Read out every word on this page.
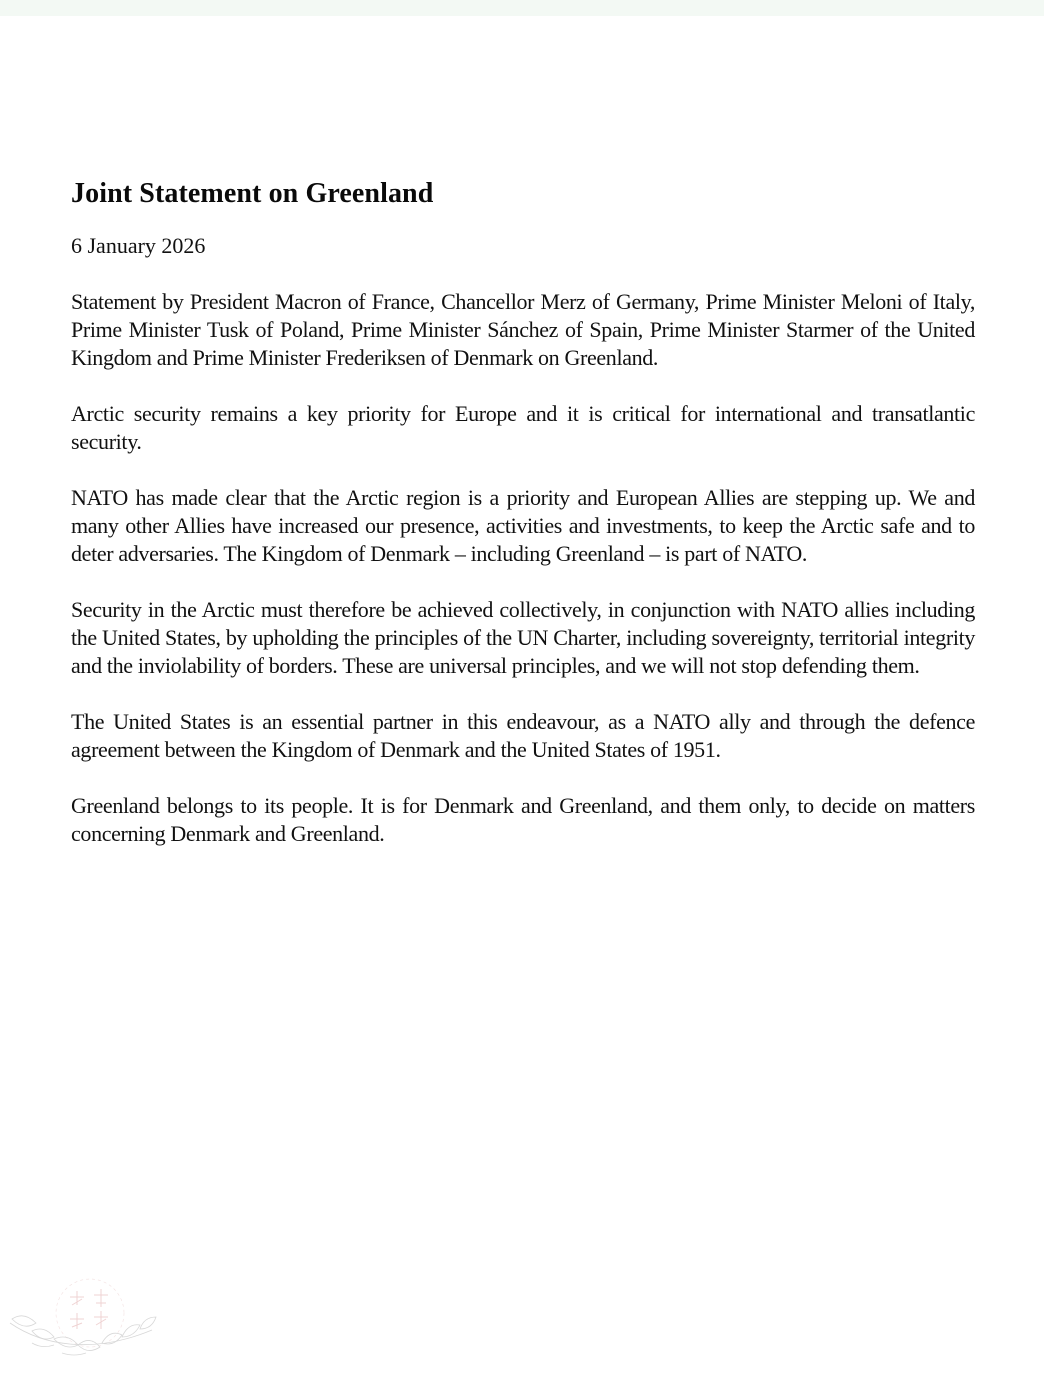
Joint Statement on Greenland

6 January 2026

Statement by President Macron of France, Chancellor Merz of Germany, Prime Minister Meloni of Italy, Prime Minister Tusk of Poland, Prime Minister Sánchez of Spain, Prime Minister Starmer of the United Kingdom and Prime Minister Frederiksen of Denmark on Greenland.

Arctic security remains a key priority for Europe and it is critical for international and transatlantic security.

NATO has made clear that the Arctic region is a priority and European Allies are stepping up. We and many other Allies have increased our presence, activities and investments, to keep the Arctic safe and to deter adversaries. The Kingdom of Denmark – including Greenland – is part of NATO.

Security in the Arctic must therefore be achieved collectively, in conjunction with NATO allies including the United States, by upholding the principles of the UN Charter, including sovereignty, territorial integrity and the inviolability of borders. These are universal principles, and we will not stop defending them.

The United States is an essential partner in this endeavour, as a NATO ally and through the defence agreement between the Kingdom of Denmark and the United States of 1951.

Greenland belongs to its people. It is for Denmark and Greenland, and them only, to decide on matters concerning Denmark and Greenland.
